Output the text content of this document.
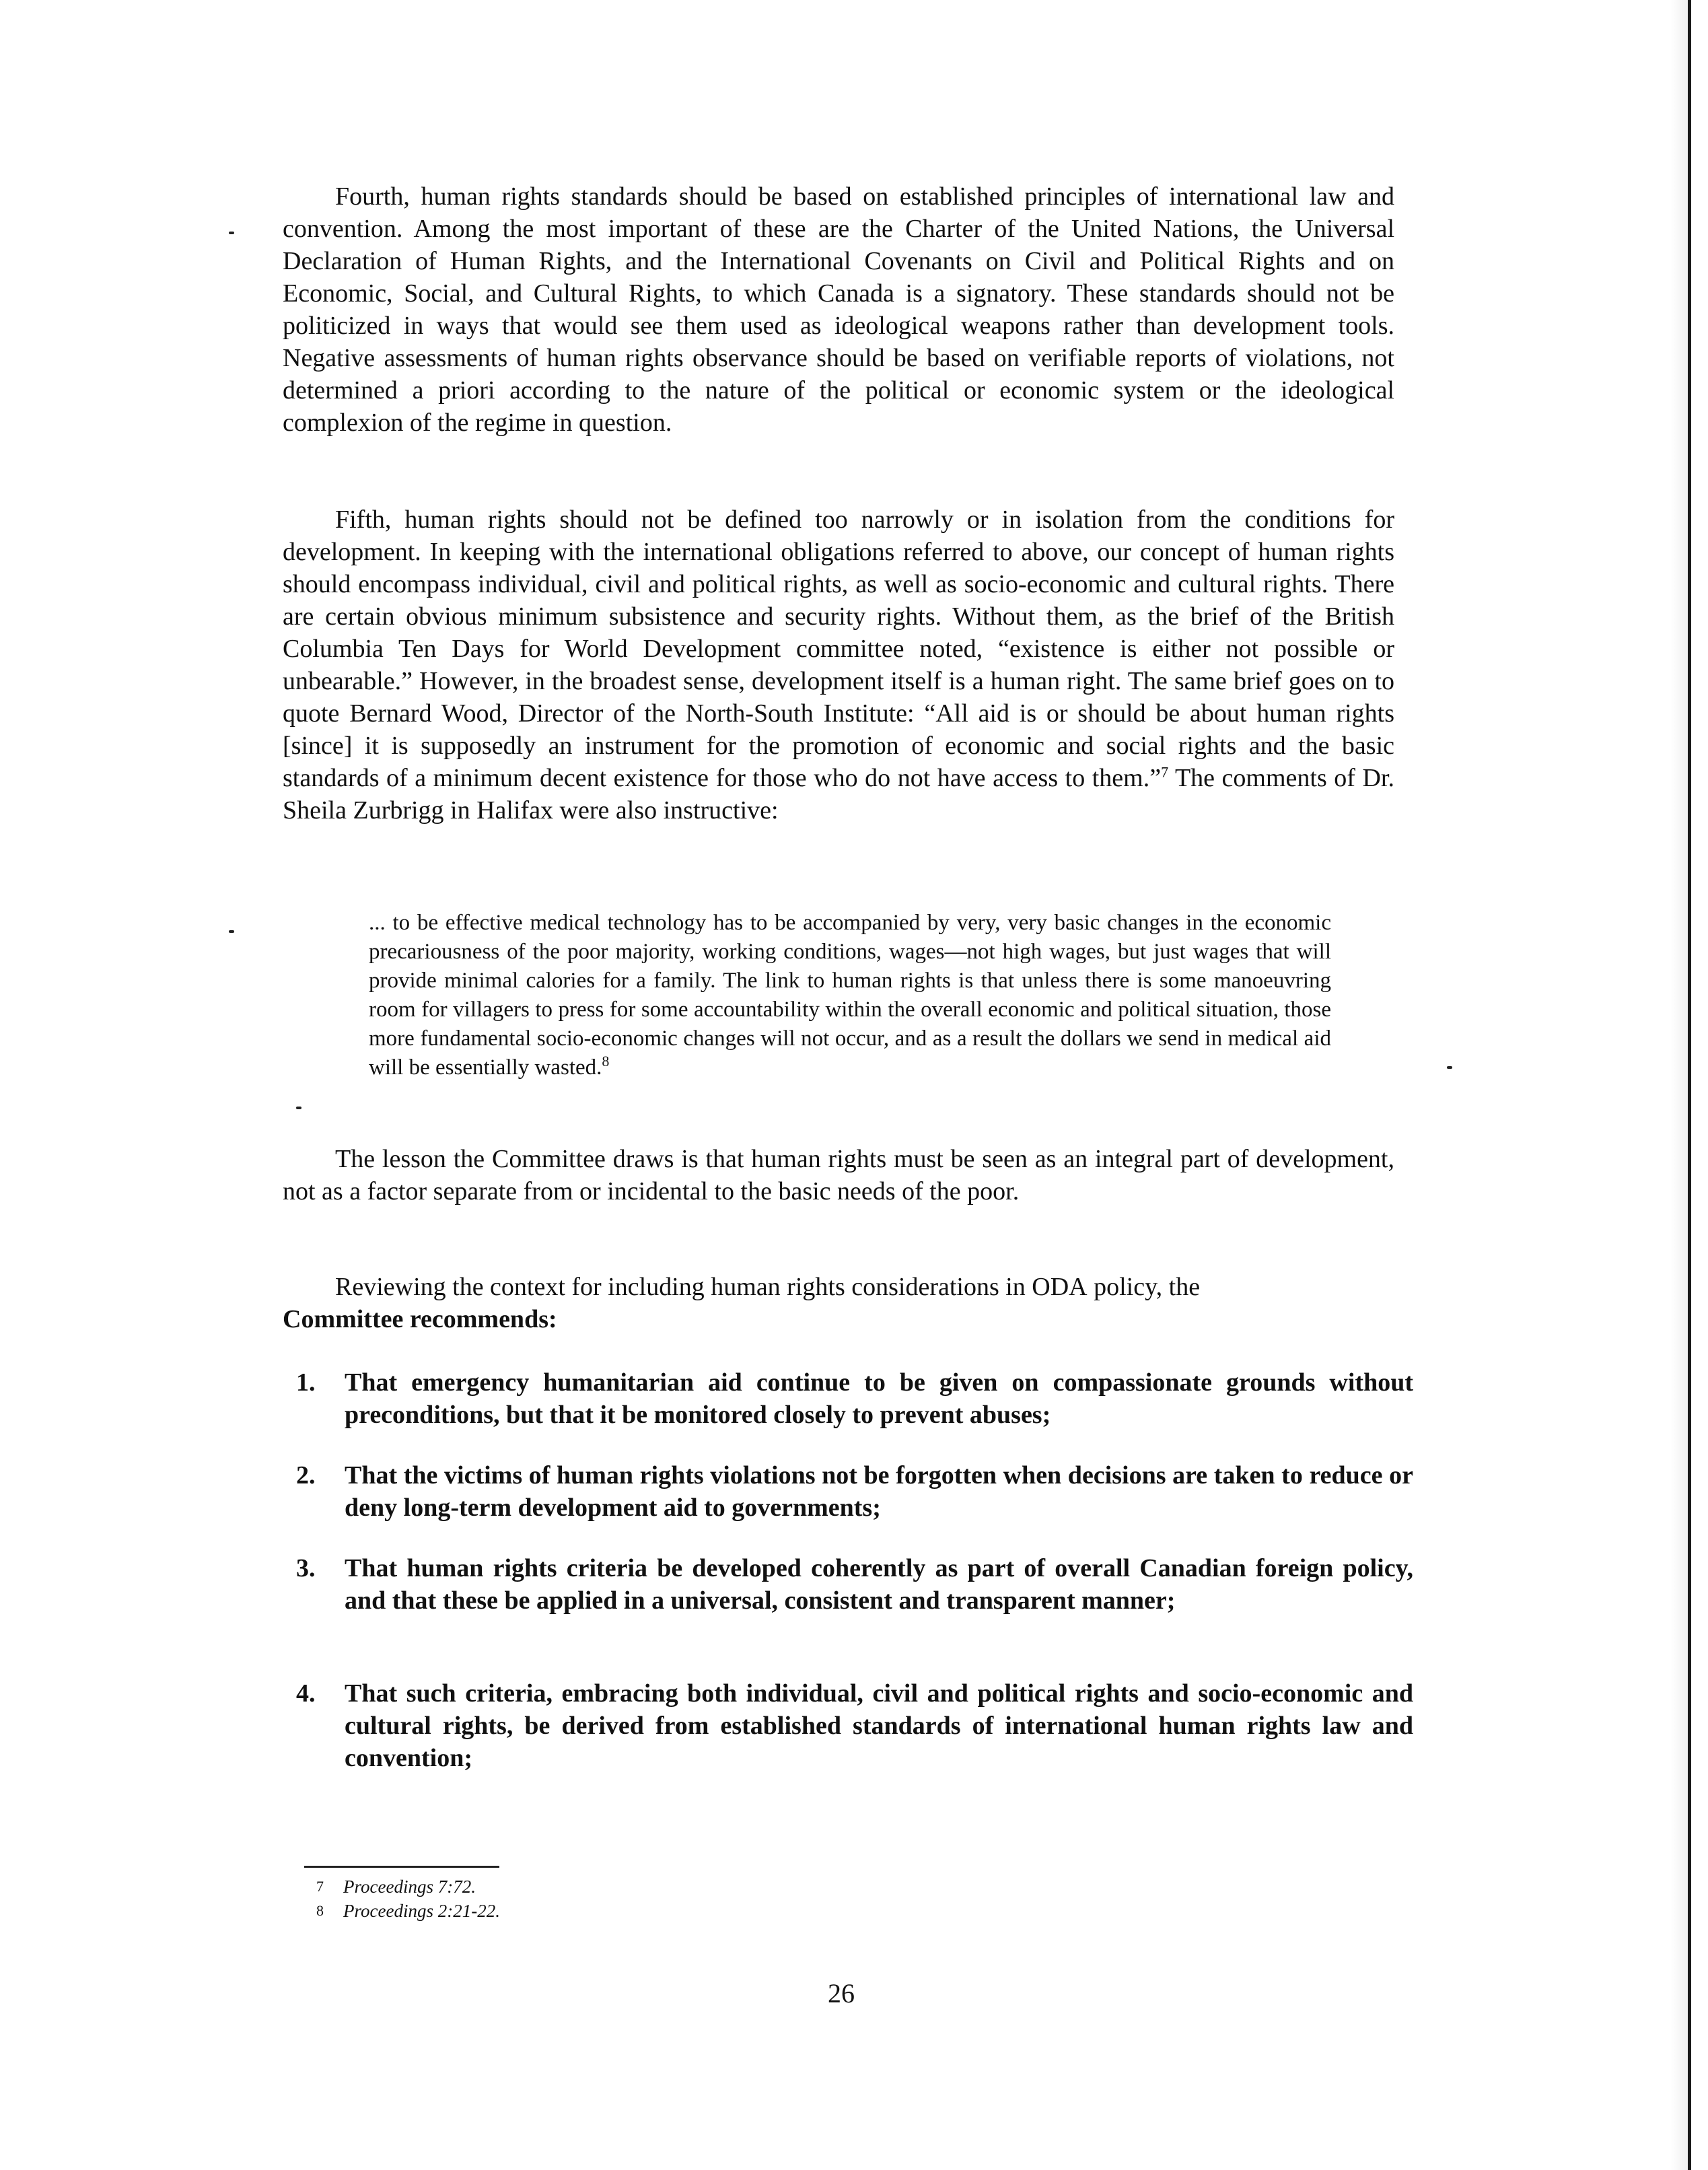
Fourth, human rights standards should be based on established principles of international law and convention. Among the most important of these are the Charter of the United Nations, the Universal Declaration of Human Rights, and the International Covenants on Civil and Political Rights and on Economic, Social, and Cultural Rights, to which Canada is a signatory. These standards should not be politicized in ways that would see them used as ideological weapons rather than development tools. Negative assessments of human rights observance should be based on verifiable reports of violations, not determined a priori according to the nature of the political or economic system or the ideological complexion of the regime in question.

Fifth, human rights should not be defined too narrowly or in isolation from the conditions for development. In keeping with the international obligations referred to above, our concept of human rights should encompass individual, civil and political rights, as well as socio-economic and cultural rights. There are certain obvious minimum subsistence and security rights. Without them, as the brief of the British Columbia Ten Days for World Development committee noted, “existence is either not possible or unbearable.” However, in the broadest sense, development itself is a human right. The same brief goes on to quote Bernard Wood, Director of the North-South Institute: “All aid is or should be about human rights [since] it is supposedly an instrument for the promotion of economic and social rights and the basic standards of a minimum decent existence for those who do not have access to them.”$^7$ The comments of Dr. Sheila Zurbrigg in Halifax were also instructive:

... to be effective medical technology has to be accompanied by very, very basic changes in the economic precariousness of the poor majority, working conditions, wages—not high wages, but just wages that will provide minimal calories for a family. The link to human rights is that unless there is some manoeuvring room for villagers to press for some accountability within the overall economic and political situation, those more fundamental socio-economic changes will not occur, and as a result the dollars we send in medical aid will be essentially wasted.$^8$

The lesson the Committee draws is that human rights must be seen as an integral part of development, not as a factor separate from or incidental to the basic needs of the poor.

Reviewing the context for including human rights considerations in ODA policy, the
Committee recommends:

1.	That emergency humanitarian aid continue to be given on compassionate grounds without preconditions, but that it be monitored closely to prevent abuses;
2.	That the victims of human rights violations not be forgotten when decisions are taken to reduce or deny long-term development aid to governments;
3.	That human rights criteria be developed coherently as part of overall Canadian foreign policy, and that these be applied in a universal, consistent and transparent manner;
4.	That such criteria, embracing both individual, civil and political rights and socio-economic and cultural rights, be derived from established standards of international human rights law and convention;

7 Proceedings 7:72.

8 Proceedings 2:21-22.

26
